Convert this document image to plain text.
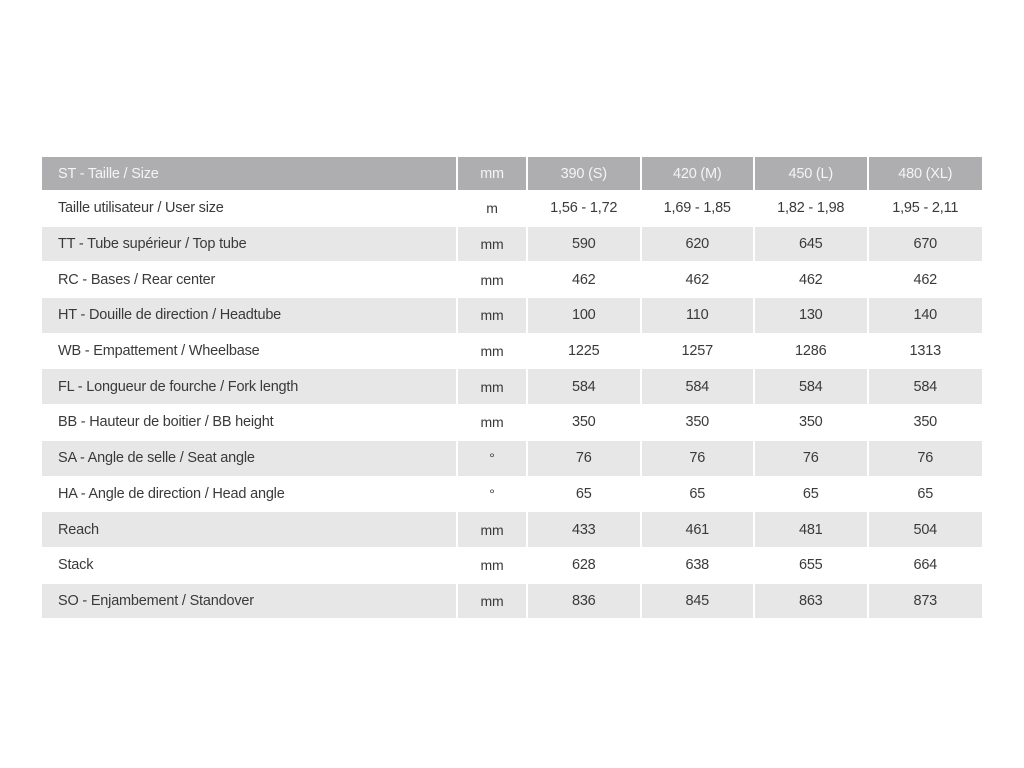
ST - Taille / Size	mm	390 (S)	420 (M)	450 (L)	480 (XL)
Taille utilisateur / User size	m	1,56 - 1,72	1,69 - 1,85	1,82 - 1,98	1,95 - 2,11
TT - Tube supérieur / Top tube	mm	590	620	645	670
RC - Bases / Rear center	mm	462	462	462	462
HT - Douille de direction / Headtube	mm	100	110	130	140
WB - Empattement / Wheelbase	mm	1225	1257	1286	1313
FL - Longueur de fourche / Fork length	mm	584	584	584	584
BB - Hauteur de boitier / BB height	mm	350	350	350	350
SA - Angle de selle / Seat angle	°	76	76	76	76
HA - Angle de direction / Head angle	°	65	65	65	65
Reach	mm	433	461	481	504
Stack	mm	628	638	655	664
SO - Enjambement / Standover	mm	836	845	863	873
